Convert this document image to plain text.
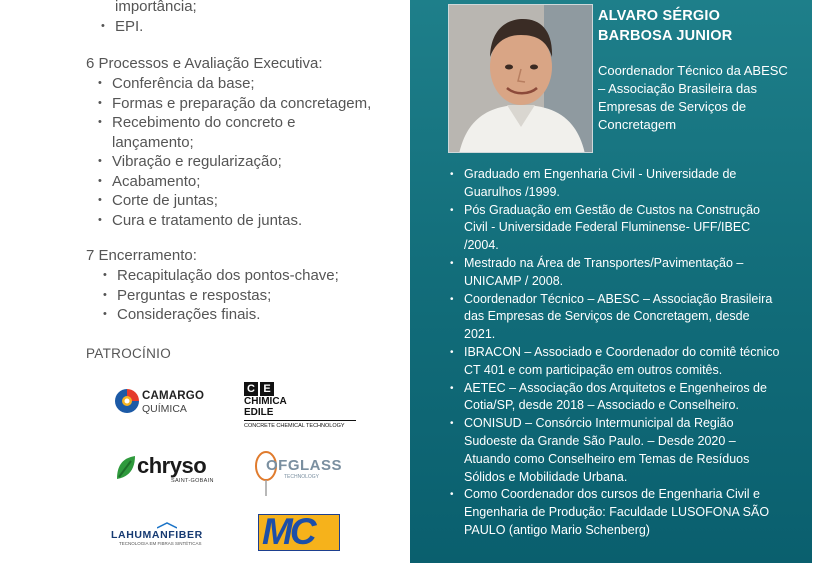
importância;
• EPI.
6 Processos e Avaliação Executiva:
• Conferência da base;
• Formas e preparação da concretagem,
• Recebimento do concreto e lançamento;
• Vibração e regularização;
• Acabamento;
• Corte de juntas;
• Cura e tratamento de juntas.
7 Encerramento:
• Recapitulação dos pontos-chave;
• Perguntas e respostas;
• Considerações finais.
PATROCÍNIO
CAMARGO
QUÍMICA
C E
CHIMICA
EDILE
CONCRETE CHEMICAL TECHNOLOGY
chryso
SAINT-GOBAIN
OFGLASS
TECHNOLOGY
LAHUMANFIBER
TECNOLOGIA EM FIBRAS SINTÉTICAS MC
ALVARO SÉRGIO BARBOSA JUNIOR
Coordenador Técnico da ABESC – Associação Brasileira das Empresas de Serviços de Concretagem
• Graduado em Engenharia Civil - Universidade de Guarulhos /1999.
• Pós Graduação em Gestão de Custos na Construção Civil - Universidade Federal Fluminense- UFF/IBEC /2004.
• Mestrado na Área de Transportes/Pavimentação – UNICAMP / 2008.
• Coordenador Técnico – ABESC – Associação Brasileira das Empresas de Serviços de Concretagem, desde 2021.
• IBRACON – Associado e Coordenador do comitê técnico CT 401 e com participação em outros comitês.
• AETEC – Associação dos Arquitetos e Engenheiros de Cotia/SP, desde 2018 – Associado e Conselheiro.
• CONISUD – Consórcio Intermunicipal da Região Sudoeste da Grande São Paulo. – Desde 2020 – Atuando como Conselheiro em Temas de Resíduos Sólidos e Mobilidade Urbana.
• Como Coordenador dos cursos de Engenharia Civil e Engenharia de Produção: Faculdade LUSOFONA SÃO PAULO (antigo Mario Schenberg)
